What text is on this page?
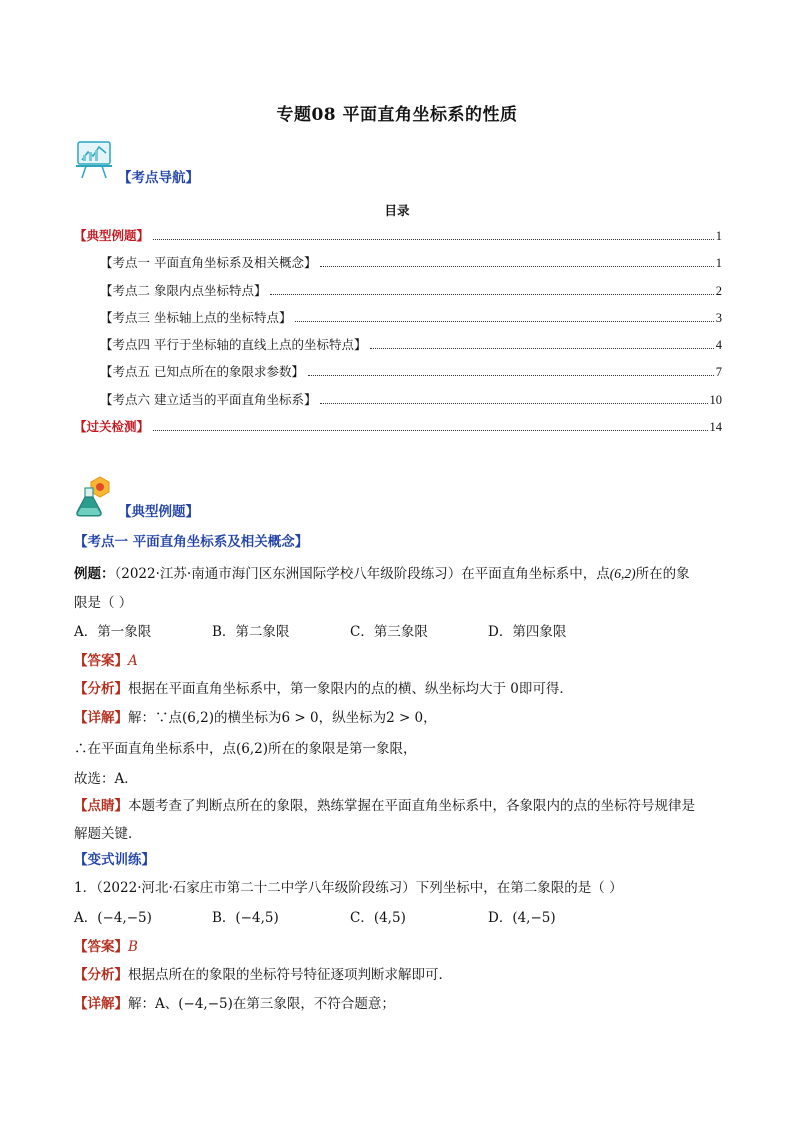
专题08 平面直角坐标系的性质
【考点导航】
目录
【典型例题】	1
【考点一 平面直角坐标系及相关概念】	1
【考点二 象限内点坐标特点】	2
【考点三 坐标轴上点的坐标特点】	3
【考点四 平行于坐标轴的直线上点的坐标特点】	4
【考点五 已知点所在的象限求参数】	7
【考点六 建立适当的平面直角坐标系】	10
【过关检测】	14
【典型例题】
【考点一 平面直角坐标系及相关概念】
例题：（2022·江苏·南通市海门区东洲国际学校八年级阶段练习）在平面直角坐标系中，点(6,2)所在的象
限是（ ）
A．第一象限	B．第二象限	C．第三象限	D．第四象限
【答案】A
【分析】根据在平面直角坐标系中，第一象限内的点的横、纵坐标均大于 0即可得．
【详解】解：∵点(6,2)的横坐标为6 > 0，纵坐标为2 > 0，
∴在平面直角坐标系中，点(6,2)所在的象限是第一象限，
故选：A．
【点睛】本题考查了判断点所在的象限，熟练掌握在平面直角坐标系中，各象限内的点的坐标符号规律是
解题关键．
【变式训练】
1．（2022·河北·石家庄市第二十二中学八年级阶段练习）下列坐标中，在第二象限的是（ ）
A．(−4,−5)	B．(−4,5)	C．(4,5)	D．(4,−5)
【答案】B
【分析】根据点所在的象限的坐标符号特征逐项判断求解即可．
【详解】解：A、(−4,−5)在第三象限，不符合题意；
